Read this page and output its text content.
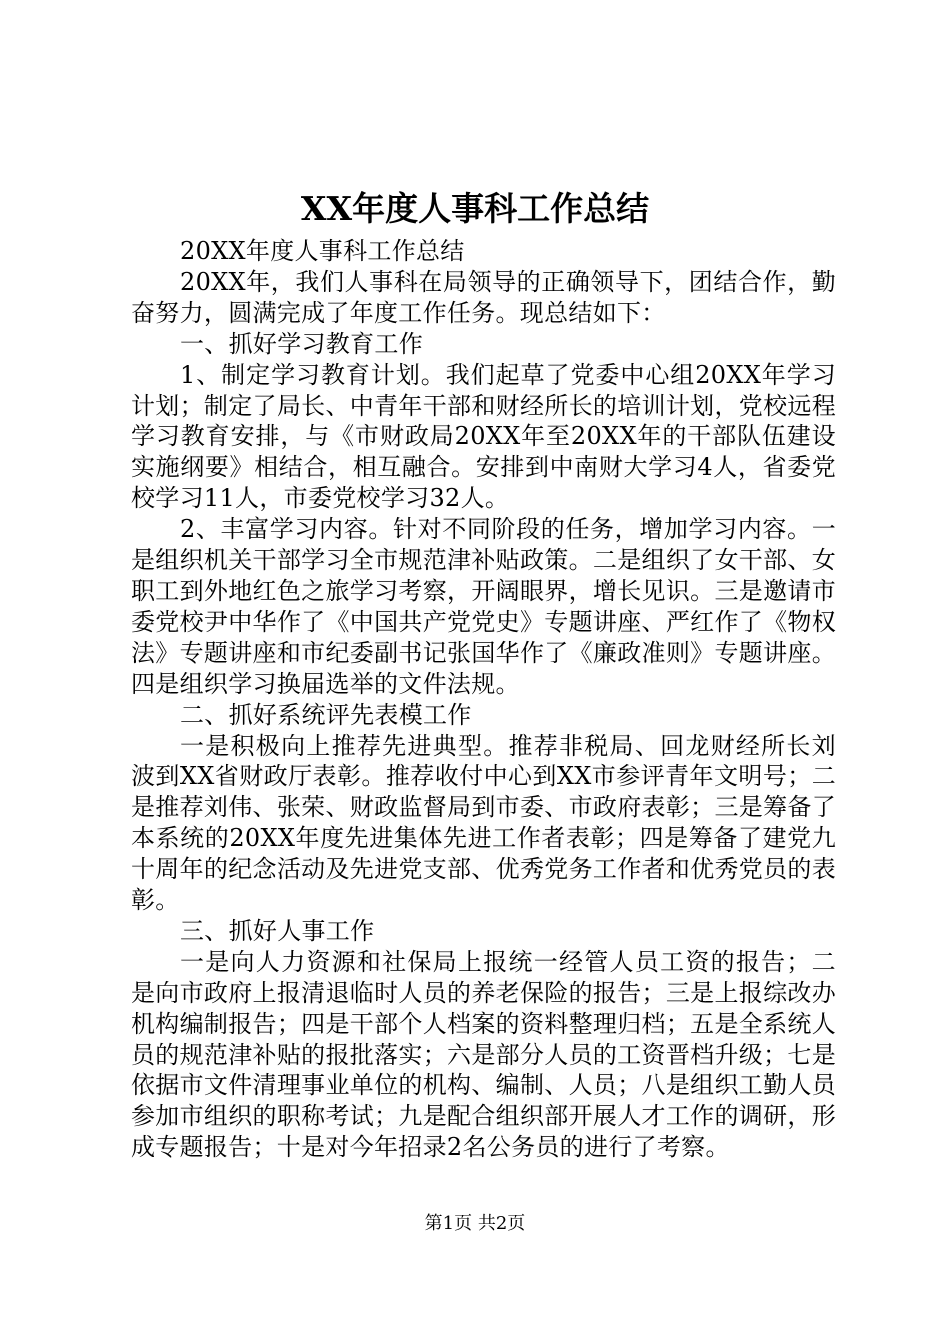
XX年度人事科工作总结

20XX年度人事科工作总结

20XX年，我们人事科在局领导的正确领导下，团结合作，勤奋努力，圆满完成了年度工作任务。现总结如下：

一、抓好学习教育工作

1、制定学习教育计划。我们起草了党委中心组20XX年学习计划；制定了局长、中青年干部和财经所长的培训计划，党校远程学习教育安排，与《市财政局20XX年至20XX年的干部队伍建设实施纲要》相结合，相互融合。安排到中南财大学习4人，省委党校学习11人，市委党校学习32人。

2、丰富学习内容。针对不同阶段的任务，增加学习内容。一是组织机关干部学习全市规范津补贴政策。二是组织了女干部、女职工到外地红色之旅学习考察，开阔眼界，增长见识。三是邀请市委党校尹中华作了《中国共产党党史》专题讲座、严红作了《物权法》专题讲座和市纪委副书记张国华作了《廉政准则》专题讲座。四是组织学习换届选举的文件法规。

二、抓好系统评先表模工作

一是积极向上推荐先进典型。推荐非税局、回龙财经所长刘波到XX省财政厅表彰。推荐收付中心到XX市参评青年文明号；二是推荐刘伟、张荣、财政监督局到市委、市政府表彰；三是筹备了本系统的20XX年度先进集体先进工作者表彰；四是筹备了建党九十周年的纪念活动及先进党支部、优秀党务工作者和优秀党员的表彰。

三、抓好人事工作

一是向人力资源和社保局上报统一经管人员工资的报告；二是向市政府上报清退临时人员的养老保险的报告；三是上报综改办机构编制报告；四是干部个人档案的资料整理归档；五是全系统人员的规范津补贴的报批落实；六是部分人员的工资晋档升级；七是依据市文件清理事业单位的机构、编制、人员；八是组织工勤人员参加市组织的职称考试；九是配合组织部开展人才工作的调研，形成专题报告；十是对今年招录2名公务员的进行了考察。

第1页 共2页
